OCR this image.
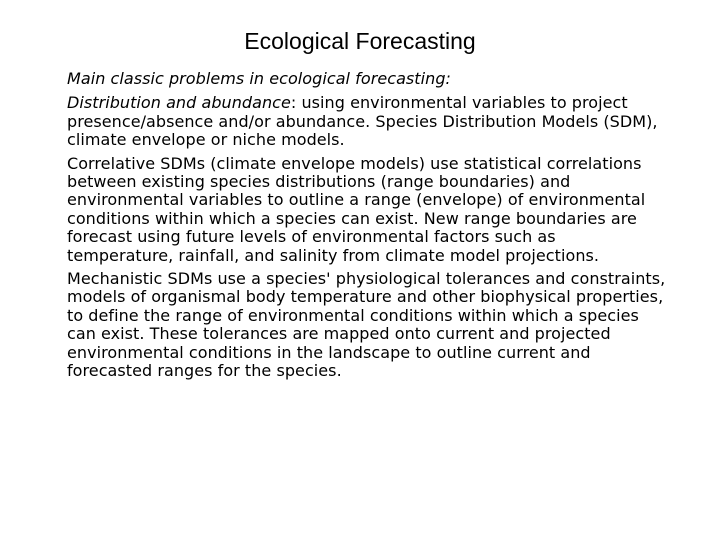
Ecological Forecasting

Main classic problems in ecological forecasting:

Distribution and abundance: using environmental variables to project presence/absence and/or abundance. Species Distribution Models (SDM), climate envelope or niche models.

Correlative SDMs (climate envelope models) use statistical correlations between existing species distributions (range boundaries) and environmental variables to outline a range (envelope) of environmental conditions within which a species can exist. New range boundaries are forecast using future levels of environmental factors such as temperature, rainfall, and salinity from climate model projections.

Mechanistic SDMs use a species' physiological tolerances and constraints, models of organismal body temperature and other biophysical properties, to define the range of environmental conditions within which a species can exist. These tolerances are mapped onto current and projected environmental conditions in the landscape to outline current and forecasted ranges for the species.
